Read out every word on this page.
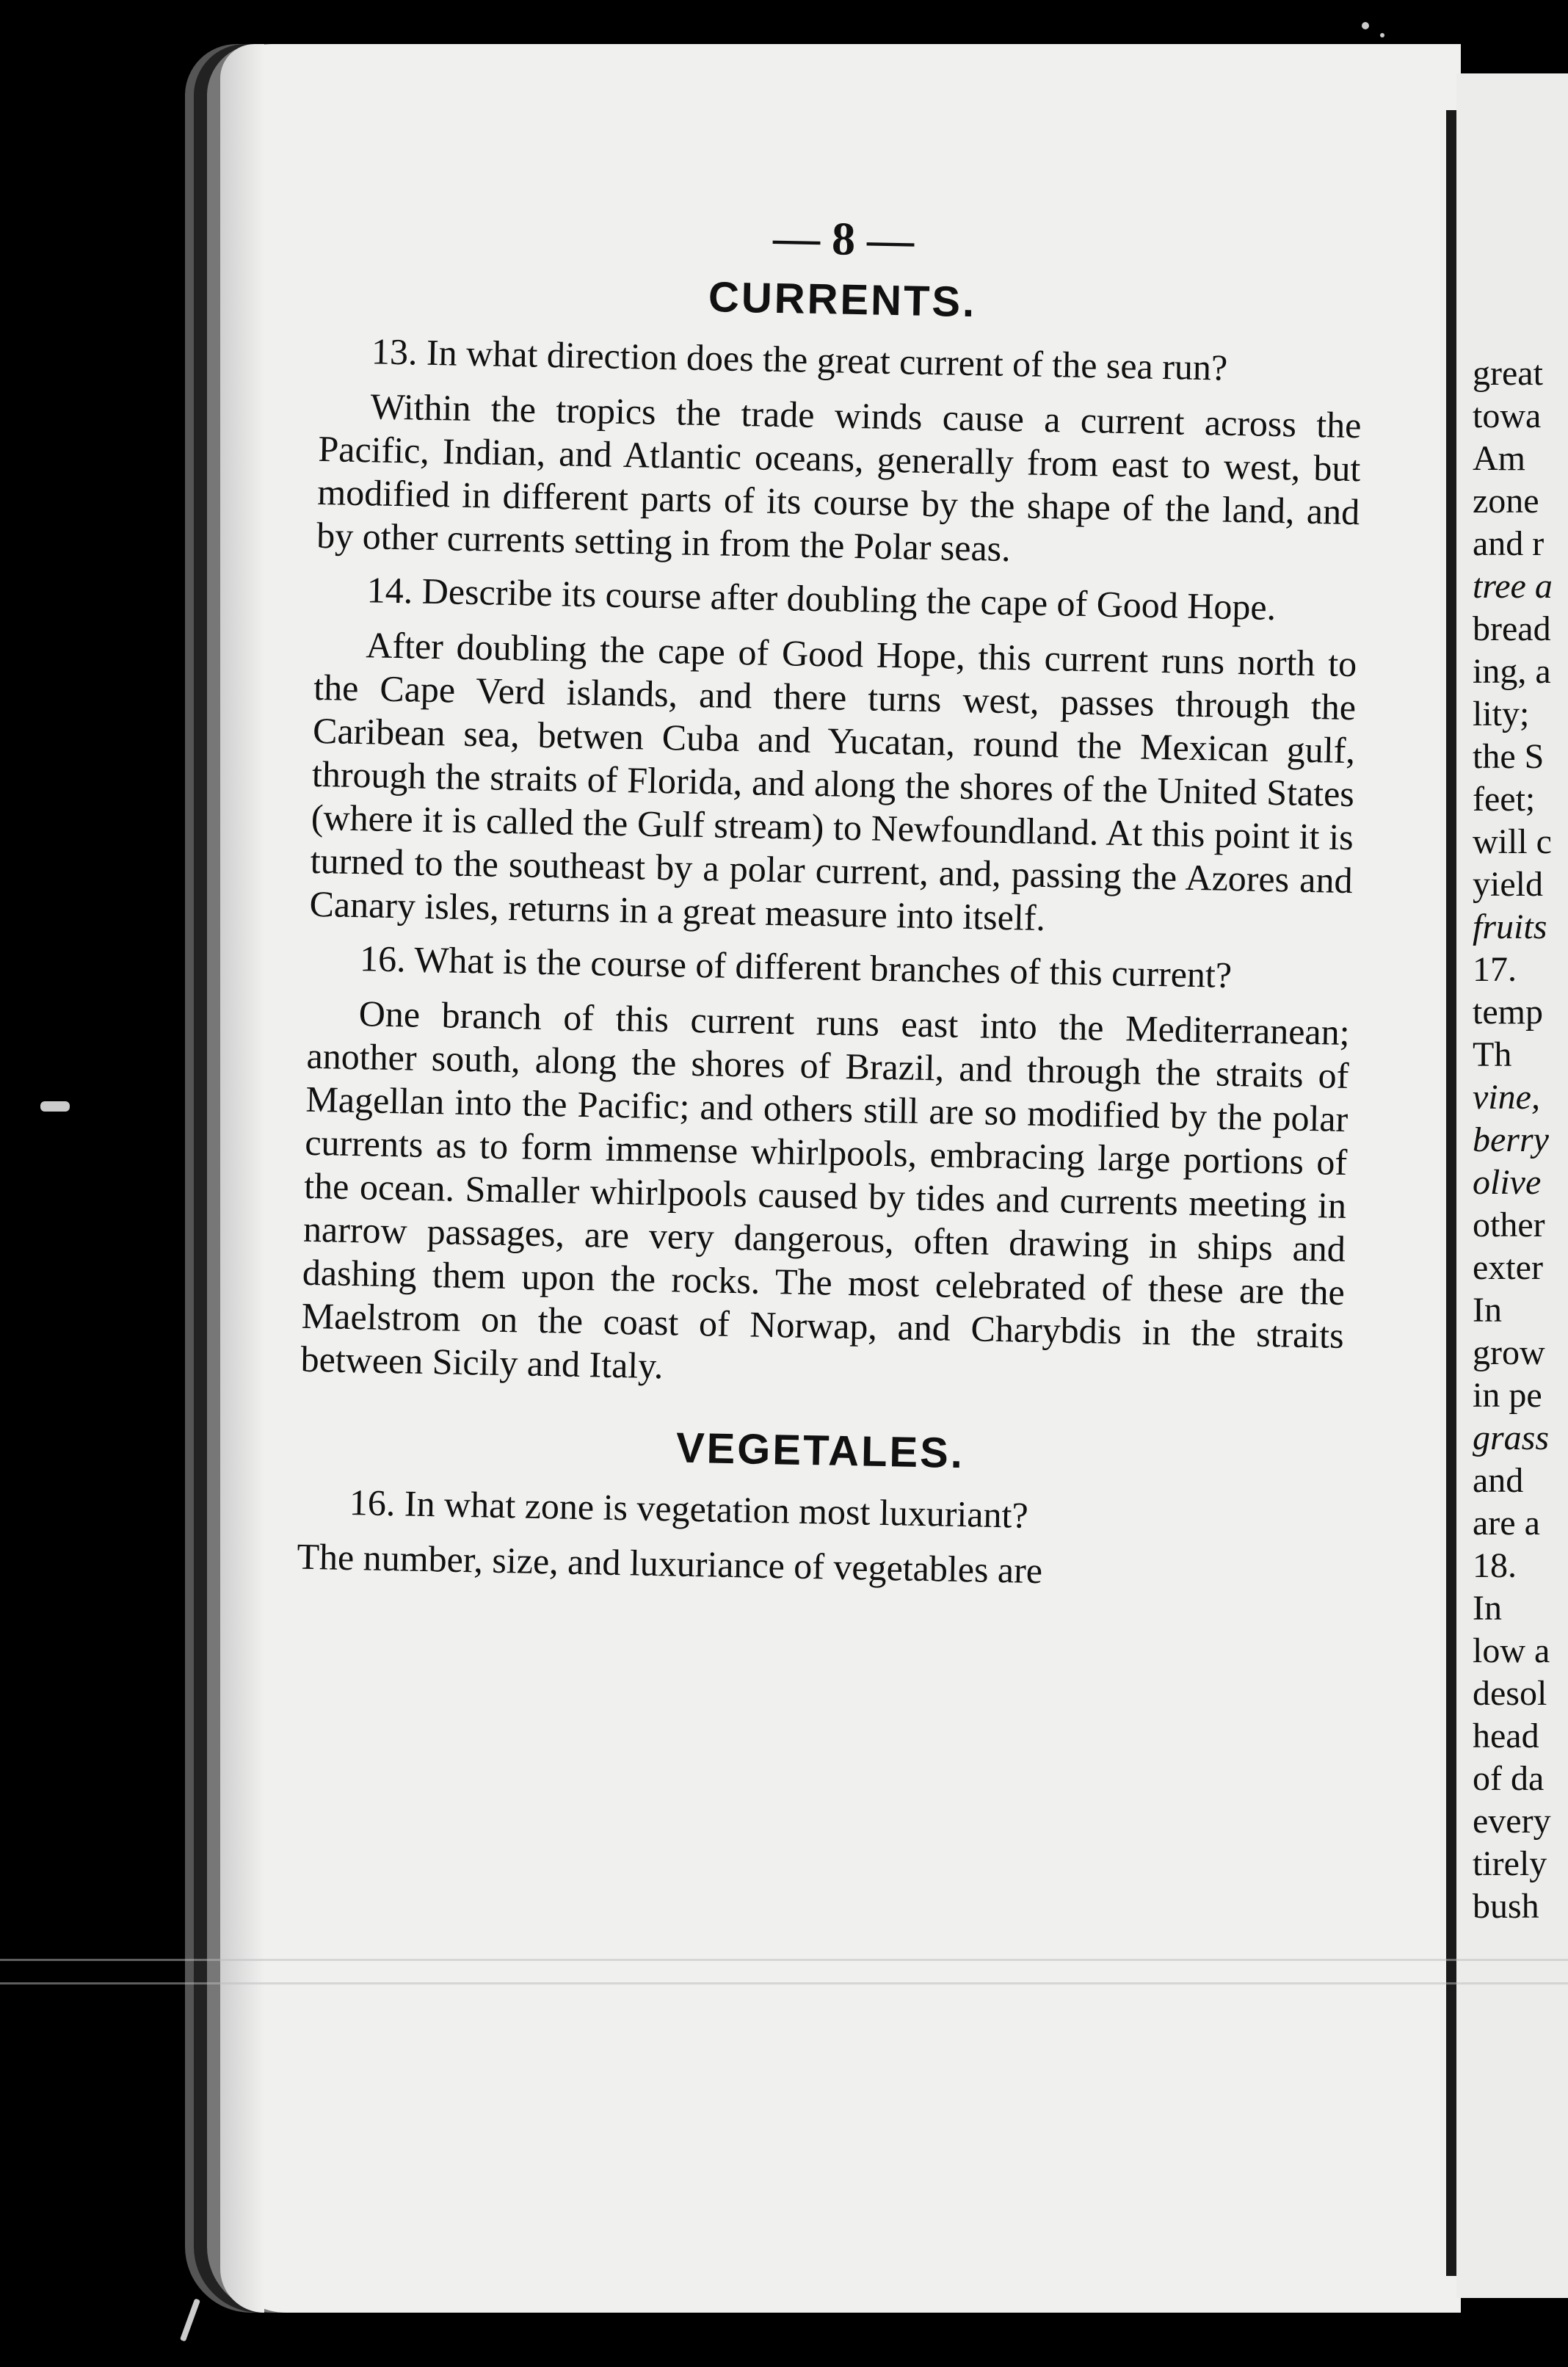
— 8 —
CURRENTS.

13. In what direction does the great current of the sea run?

Within the tropics the trade winds cause a current across the Pacific, Indian, and Atlantic oceans, generally from east to west, but modified in different parts of its course by the shape of the land, and by other currents setting in from the Polar seas.

14. Describe its course after doubling the cape of Good Hope.

After doubling the cape of Good Hope, this current runs north to the Cape Verd islands, and there turns west, passes through the Caribean sea, betwen Cuba and Yucatan, round the Mexican gulf, through the straits of Florida, and along the shores of the United States (where it is called the Gulf stream) to Newfoundland. At this point it is turned to the southeast by a polar current, and, passing the Azores and Canary isles, returns in a great measure into itself.

16. What is the course of different branches of this current?

One branch of this current runs east into the Mediterranean; another south, along the shores of Brazil, and through the straits of Magellan into the Pacific; and others still are so modified by the polar currents as to form immense whirlpools, embracing large portions of the ocean. Smaller whirlpools caused by tides and currents meeting in narrow passages, are very dangerous, often drawing in ships and dashing them upon the rocks. The most celebrated of these are the Maelstrom on the coast of Norwap, and Charybdis in the straits between Sicily and Italy.

VEGETALES.

16. In what zone is vegetation most luxuriant?

The number, size, and luxuriance of vegetables are

great
towa
Am
zone
and r
tree a
bread
ing, a
lity;
the S
feet;
will c
yield
fruits
17.
temp
Th
vine,
berry
olive
other
exter
In
grow
in pe
grass
and
are a
18.
In
low a
desol
head
of da
every
tirely
bush
